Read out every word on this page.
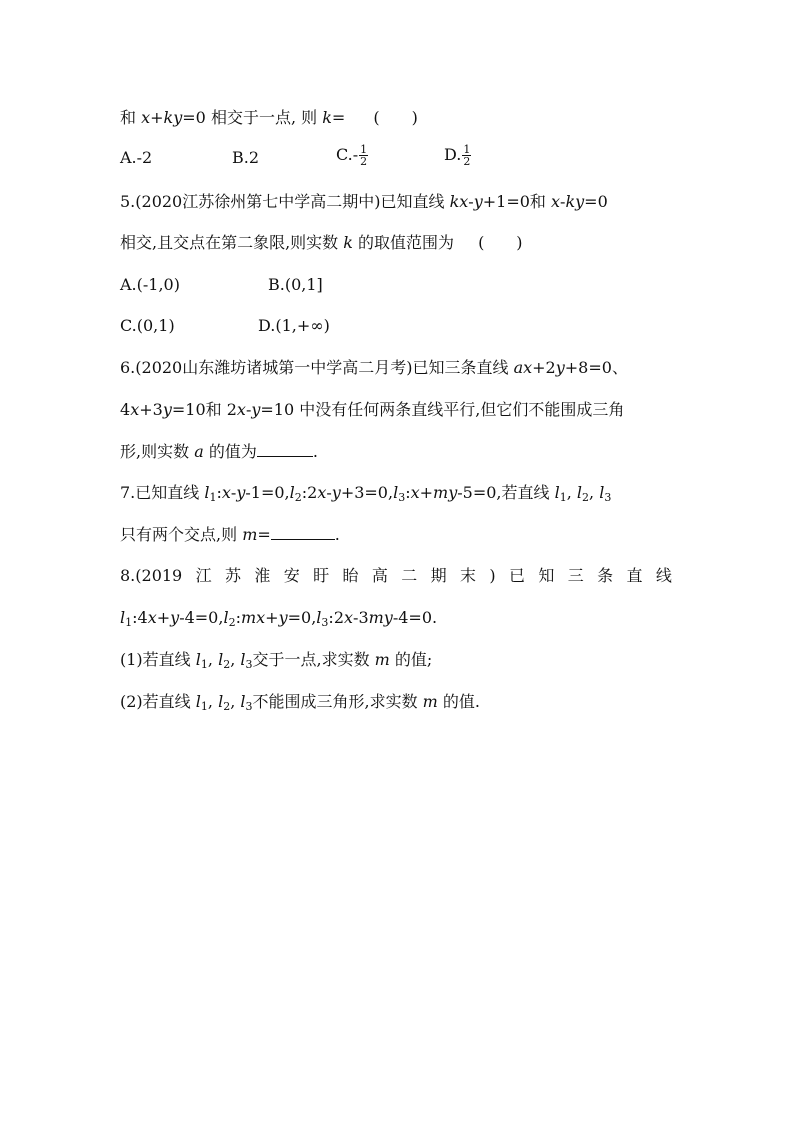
和 x+ky=0 相交于一点, 则 k= (　　)
A.-2	B.2	$C.- \frac{1}{2}$	D. $\frac{1}{2}$
5.(2020江苏徐州第七中学高二期中)已知直线 kx-y+1=0和 x-ky=0
相交,且交点在第二象限,则实数 k 的取值范围为　(　　)
A.(-1,0)	B.(0,1]
C.(0,1)	D.(1,+∞)
6.(2020山东潍坊诸城第一中学高二月考)已知三条直线 ax+2y+8=0、
4x+3y=10和 2x-y=10 中没有任何两条直线平行,但它们不能围成三角
形,则实数 a 的值为	.
7.已知直线 $l_1:x-y-1=0,l_2:2x-y+3=0,l_3:x+my-5=0$,若直线 $l_1$, $l_2$, $l_3$
只有两个交点,则 m=	.
8.(2019 江 苏 淮 安 盱 眙 高 二 期 末 ) 已 知 三 条 直 线
$l_1:4x+y-4=0,l_2:mx+y=0,l_3:2x-3my-4=0$.
(1)若直线 $l_1$, $l_2$, $l_3$交于一点,求实数 m 的值;
(2)若直线 $l_1$, $l_2$, $l_3$不能围成三角形,求实数 m 的值.
